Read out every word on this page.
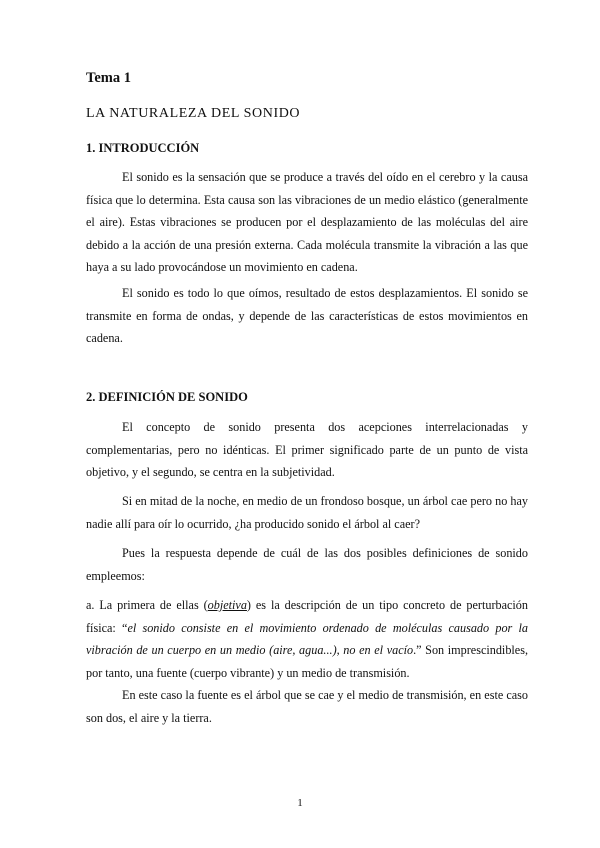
Tema 1
LA NATURALEZA DEL SONIDO
1. INTRODUCCIÓN

El sonido es la sensación que se produce a través del oído en el cerebro y la causa física que lo determina. Esta causa son las vibraciones de un medio elástico (generalmente el aire). Estas vibraciones se producen por el desplazamiento de las moléculas del aire debido a la acción de una presión externa. Cada molécula transmite la vibración a las que haya a su lado provocándose un movimiento en cadena.

El sonido es todo lo que oímos, resultado de estos desplazamientos. El sonido se transmite en forma de ondas, y depende de las características de estos movimientos en cadena.

2. DEFINICIÓN DE SONIDO

El concepto de sonido presenta dos acepciones interrelacionadas y complementarias, pero no idénticas. El primer significado parte de un punto de vista objetivo, y el segundo, se centra en la subjetividad.

Si en mitad de la noche, en medio de un frondoso bosque, un árbol cae pero no hay nadie allí para oír lo ocurrido, ¿ha producido sonido el árbol al caer?

Pues la respuesta depende de cuál de las dos posibles definiciones de sonido empleemos:

a. La primera de ellas (objetiva) es la descripción de un tipo concreto de perturbación física: “el sonido consiste en el movimiento ordenado de moléculas causado por la vibración de un cuerpo en un medio (aire, agua...), no en el vacío.” Son imprescindibles, por tanto, una fuente (cuerpo vibrante) y un medio de transmisión.

En este caso la fuente es el árbol que se cae y el medio de transmisión, en este caso son dos, el aire y la tierra.

1
